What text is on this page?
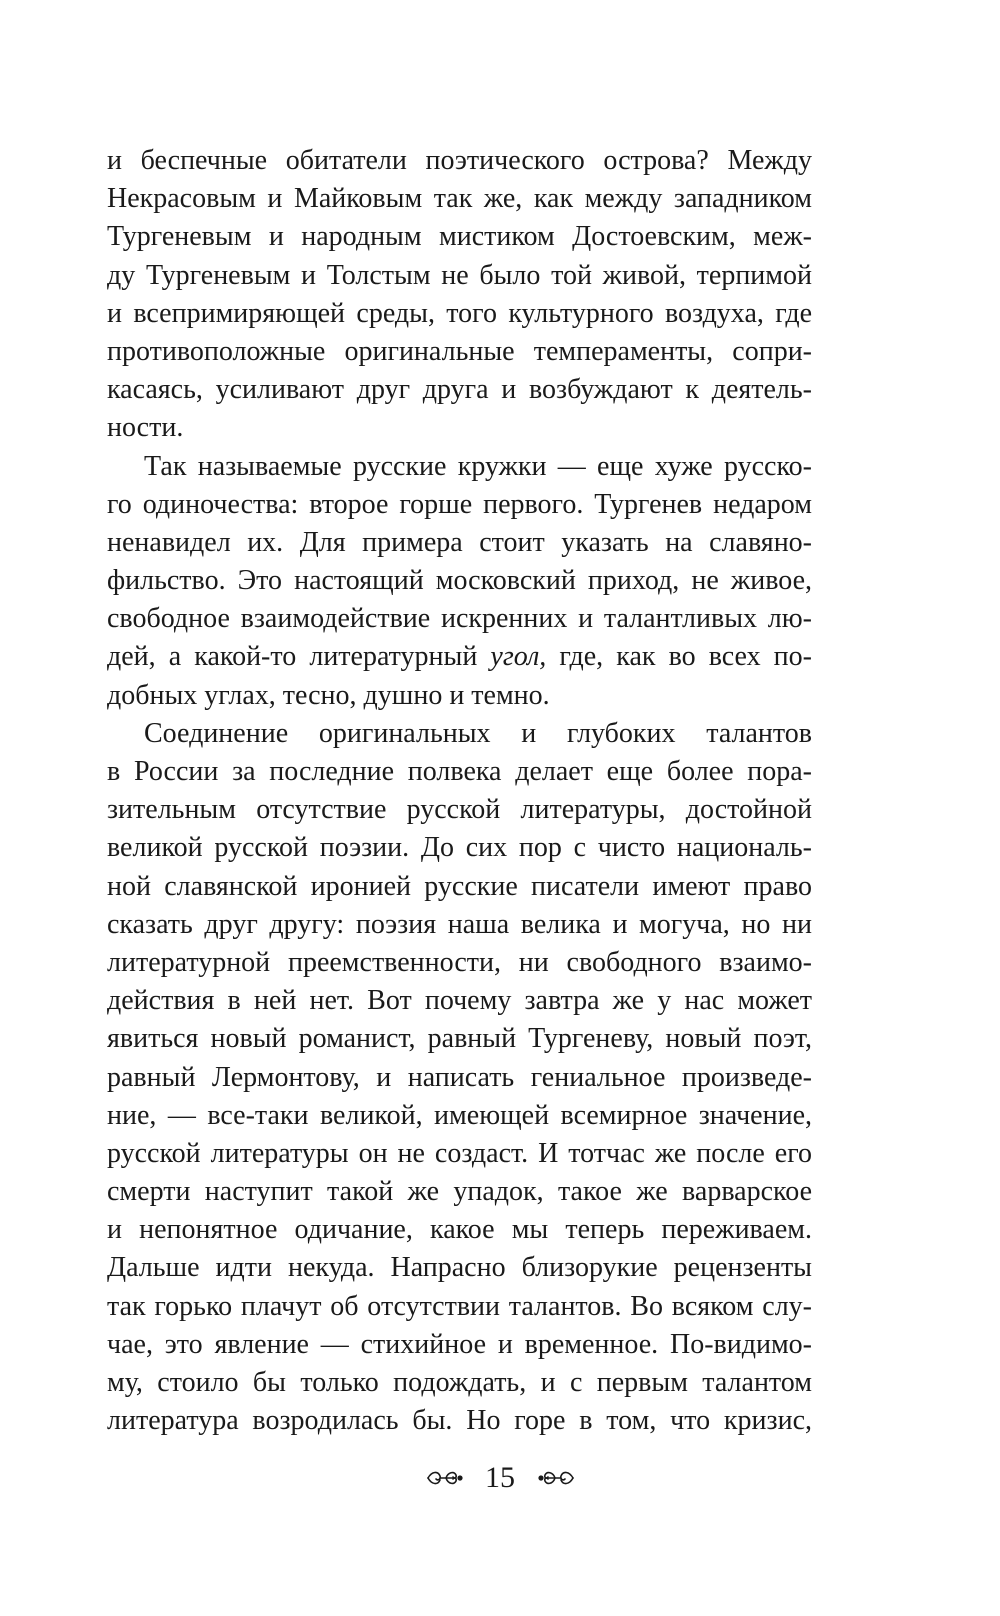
и беспечные обитатели поэтического острова? Между
Некрасовым и Майковым так же, как между западником
Тургеневым и народным мистиком Достоевским, меж-
ду Тургеневым и Толстым не было той живой, терпимой
и всепримиряющей среды, того культурного воздуха, где
противоположные оригинальные темпераменты, сопри-
касаясь, усиливают друг друга и возбуждают к деятель-
ности.
Так называемые русские кружки — еще хуже русско-
го одиночества: второе горше первого. Тургенев недаром
ненавидел их. Для примера стоит указать на славяно-
фильство. Это настоящий московский приход, не живое,
свободное взаимодействие искренних и талантливых лю-
дей, а какой-то литературный угол, где, как во всех по-
добных углах, тесно, душно и темно.
Соединение оригинальных и глубоких талантов
в России за последние полвека делает еще более пора-
зительным отсутствие русской литературы, достойной
великой русской поэзии. До сих пор с чисто националь-
ной славянской иронией русские писатели имеют право
сказать друг другу: поэзия наша велика и могуча, но ни
литературной преемственности, ни свободного взаимо-
действия в ней нет. Вот почему завтра же у нас может
явиться новый романист, равный Тургеневу, новый поэт,
равный Лермонтову, и написать гениальное произведе-
ние, — все-таки великой, имеющей всемирное значение,
русской литературы он не создаст. И тотчас же после его
смерти наступит такой же упадок, такое же варварское
и непонятное одичание, какое мы теперь переживаем.
Дальше идти некуда. Напрасно близорукие рецензенты
так горько плачут об отсутствии талантов. Во всяком слу-
чае, это явление — стихийное и временное. По-видимо-
му, стоило бы только подождать, и с первым талантом
литература возродилась бы. Но горе в том, что кризис,
15
